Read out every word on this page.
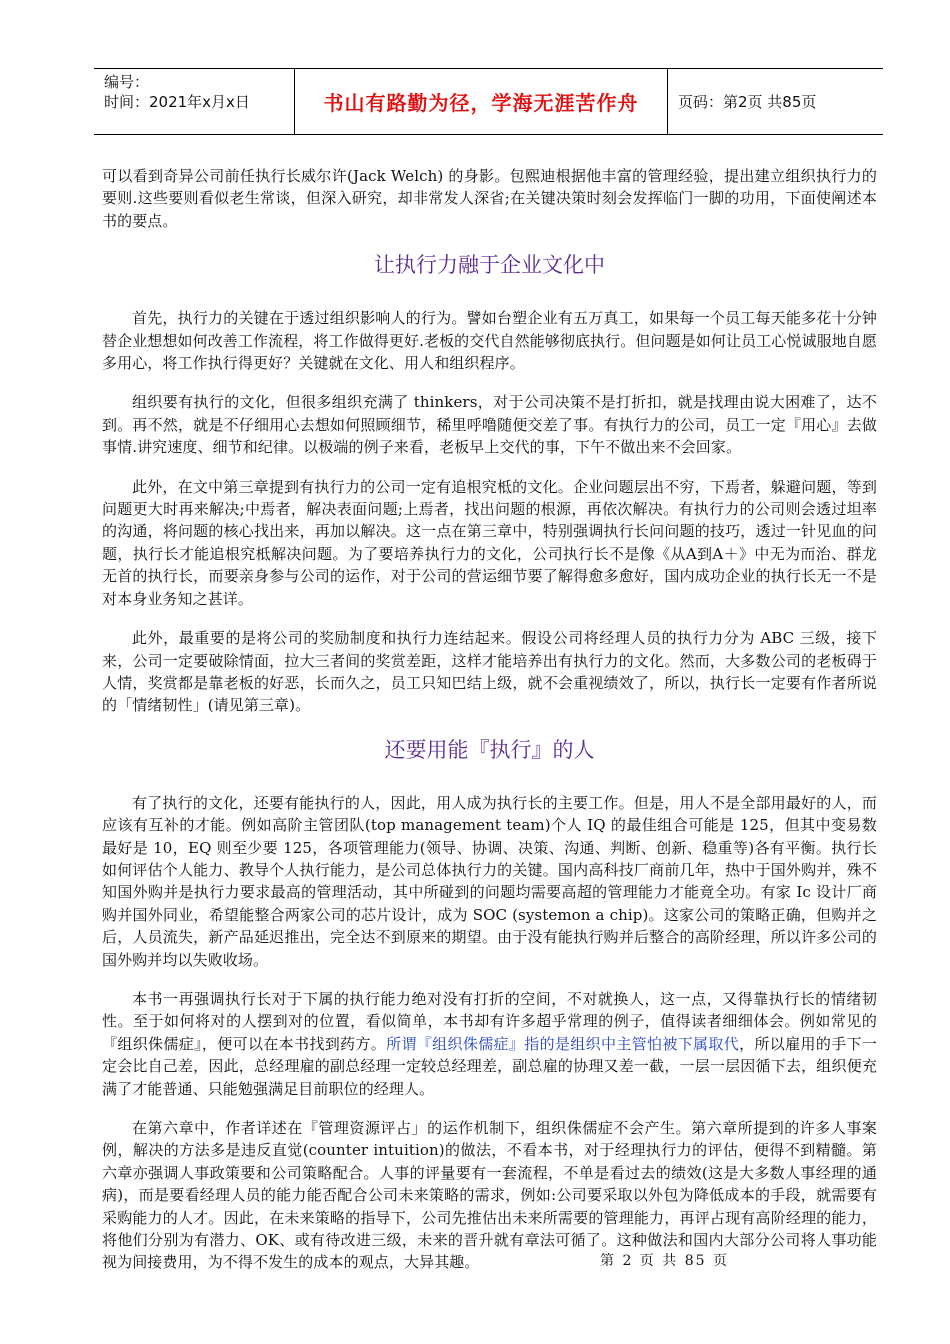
编号：
时间：2021年x月x日	书山有路勤为径，学海无涯苦作舟	页码：第2页 共85页

可以看到奇异公司前任执行长威尔许(Jack Welch) 的身影。包熙迪根据他丰富的管理经验，提出建立组织执行力的要则.这些要则看似老生常谈，但深入研究，却非常发人深省;在关键决策时刻会发挥临门一脚的功用，下面使阐述本书的要点。

让执行力融于企业文化中

首先，执行力的关键在于透过组织影响人的行为。譬如台塑企业有五万真工，如果每一个员工每天能多花十分钟替企业想想如何改善工作流程，将工作做得更好.老板的交代自然能够彻底执行。但问题是如何让员工心悦诚服地自愿多用心，将工作执行得更好？关键就在文化、用人和组织程序。

组织要有执行的文化，但很多组织充满了 thinkers，对于公司决策不是打折扣，就是找理由说大困难了，达不到。再不然，就是不仔细用心去想如何照顾细节，稀里呼噜随便交差了事。有执行力的公司，员工一定『用心』去做事情.讲究速度、细节和纪律。以极端的例子来看，老板早上交代的事，下午不做出来不会回家。

此外，在文中第三章提到有执行力的公司一定有追根究柢的文化。企业问题层出不穷，下焉者，躲避问题，等到问题更大时再来解决;中焉者，解决表面问题;上焉者，找出问题的根源，再依次解决。有执行力的公司则会透过坦率的沟通，将问题的核心找出来，再加以解决。这一点在第三章中，特别强调执行长问问题的技巧，透过一针见血的问题，执行长才能追根究柢解决问题。为了要培养执行力的文化，公司执行长不是像《从A到A＋》中无为而治、群龙无首的执行长，而要亲身参与公司的运作，对于公司的营运细节要了解得愈多愈好，国内成功企业的执行长无一不是对本身业务知之甚详。

此外，最重要的是将公司的奖励制度和执行力连结起来。假设公司将经理人员的执行力分为 ABC 三级，接下来，公司一定要破除情面，拉大三者间的奖赏差距，这样才能培养出有执行力的文化。然而，大多数公司的老板碍于人情，奖赏都是靠老板的好恶，长而久之，员工只知巴结上级，就不会重视绩效了，所以，执行长一定要有作者所说的「情绪韧性」(请见第三章)。

还要用能『执行』的人

有了执行的文化，还要有能执行的人，因此，用人成为执行长的主要工作。但是，用人不是全部用最好的人，而应该有互补的才能。例如高阶主管团队(top management team)个人 IQ 的最佳组合可能是 125，但其中变易数最好是 10，EQ 则至少要 125，各项管理能力(领导、协调、决策、沟通、判断、创新、稳重等)各有平衡。执行长如何评估个人能力、教导个人执行能力，是公司总体执行力的关键。国内高科技厂商前几年，热中于国外购并，殊不知国外购并是执行力要求最高的管理活动，其中所碰到的问题均需要高超的管理能力才能竟全功。有家 Ic 设计厂商购并国外同业，希望能整合两家公司的芯片设计，成为 SOC (systemon a chip)。这家公司的策略正确，但购并之后，人员流失，新产品延迟推出，完全达不到原来的期望。由于没有能执行购并后整合的高阶经理，所以许多公司的国外购并均以失败收场。

本书一再强调执行长对于下属的执行能力绝对没有打折的空间，不对就换人，这一点，又得靠执行长的情绪韧性。至于如何将对的人摆到对的位置，看似简单，本书却有许多超乎常理的例子，值得读者细细体会。例如常见的『组织侏儒症』，便可以在本书找到药方。所谓『组织侏儒症』指的是组织中主管怕被下属取代，所以雇用的手下一定会比自己差，因此，总经理雇的副总经理一定较总经理差，副总雇的协理又差一截，一层一层因循下去，组织便充满了才能普通、只能勉强满足目前职位的经理人。

在第六章中，作者详述在『管理资源评占」的运作机制下，组织侏儒症不会产生。第六章所提到的许多人事案例，解决的方法多是违反直觉(counter intuition)的做法，不看本书，对于经理执行力的评估，便得不到精髓。第六章亦强调人事政策要和公司策略配合。人事的评量要有一套流程，不单是看过去的绩效(这是大多数人事经理的通病)，而是要看经理人员的能力能否配合公司未来策略的需求，例如:公司要采取以外包为降低成本的手段，就需要有采购能力的人才。因此，在未来策略的指导下，公司先推估出未来所需要的管理能力，再评占现有高阶经理的能力，将他们分别为有潜力、OK、或有待改进三级，未来的晋升就有章法可循了。这种做法和国内大部分公司将人事功能视为间接费用，为不得不发生的成本的观点，大异其趣。	第 2 页 共 85 页
